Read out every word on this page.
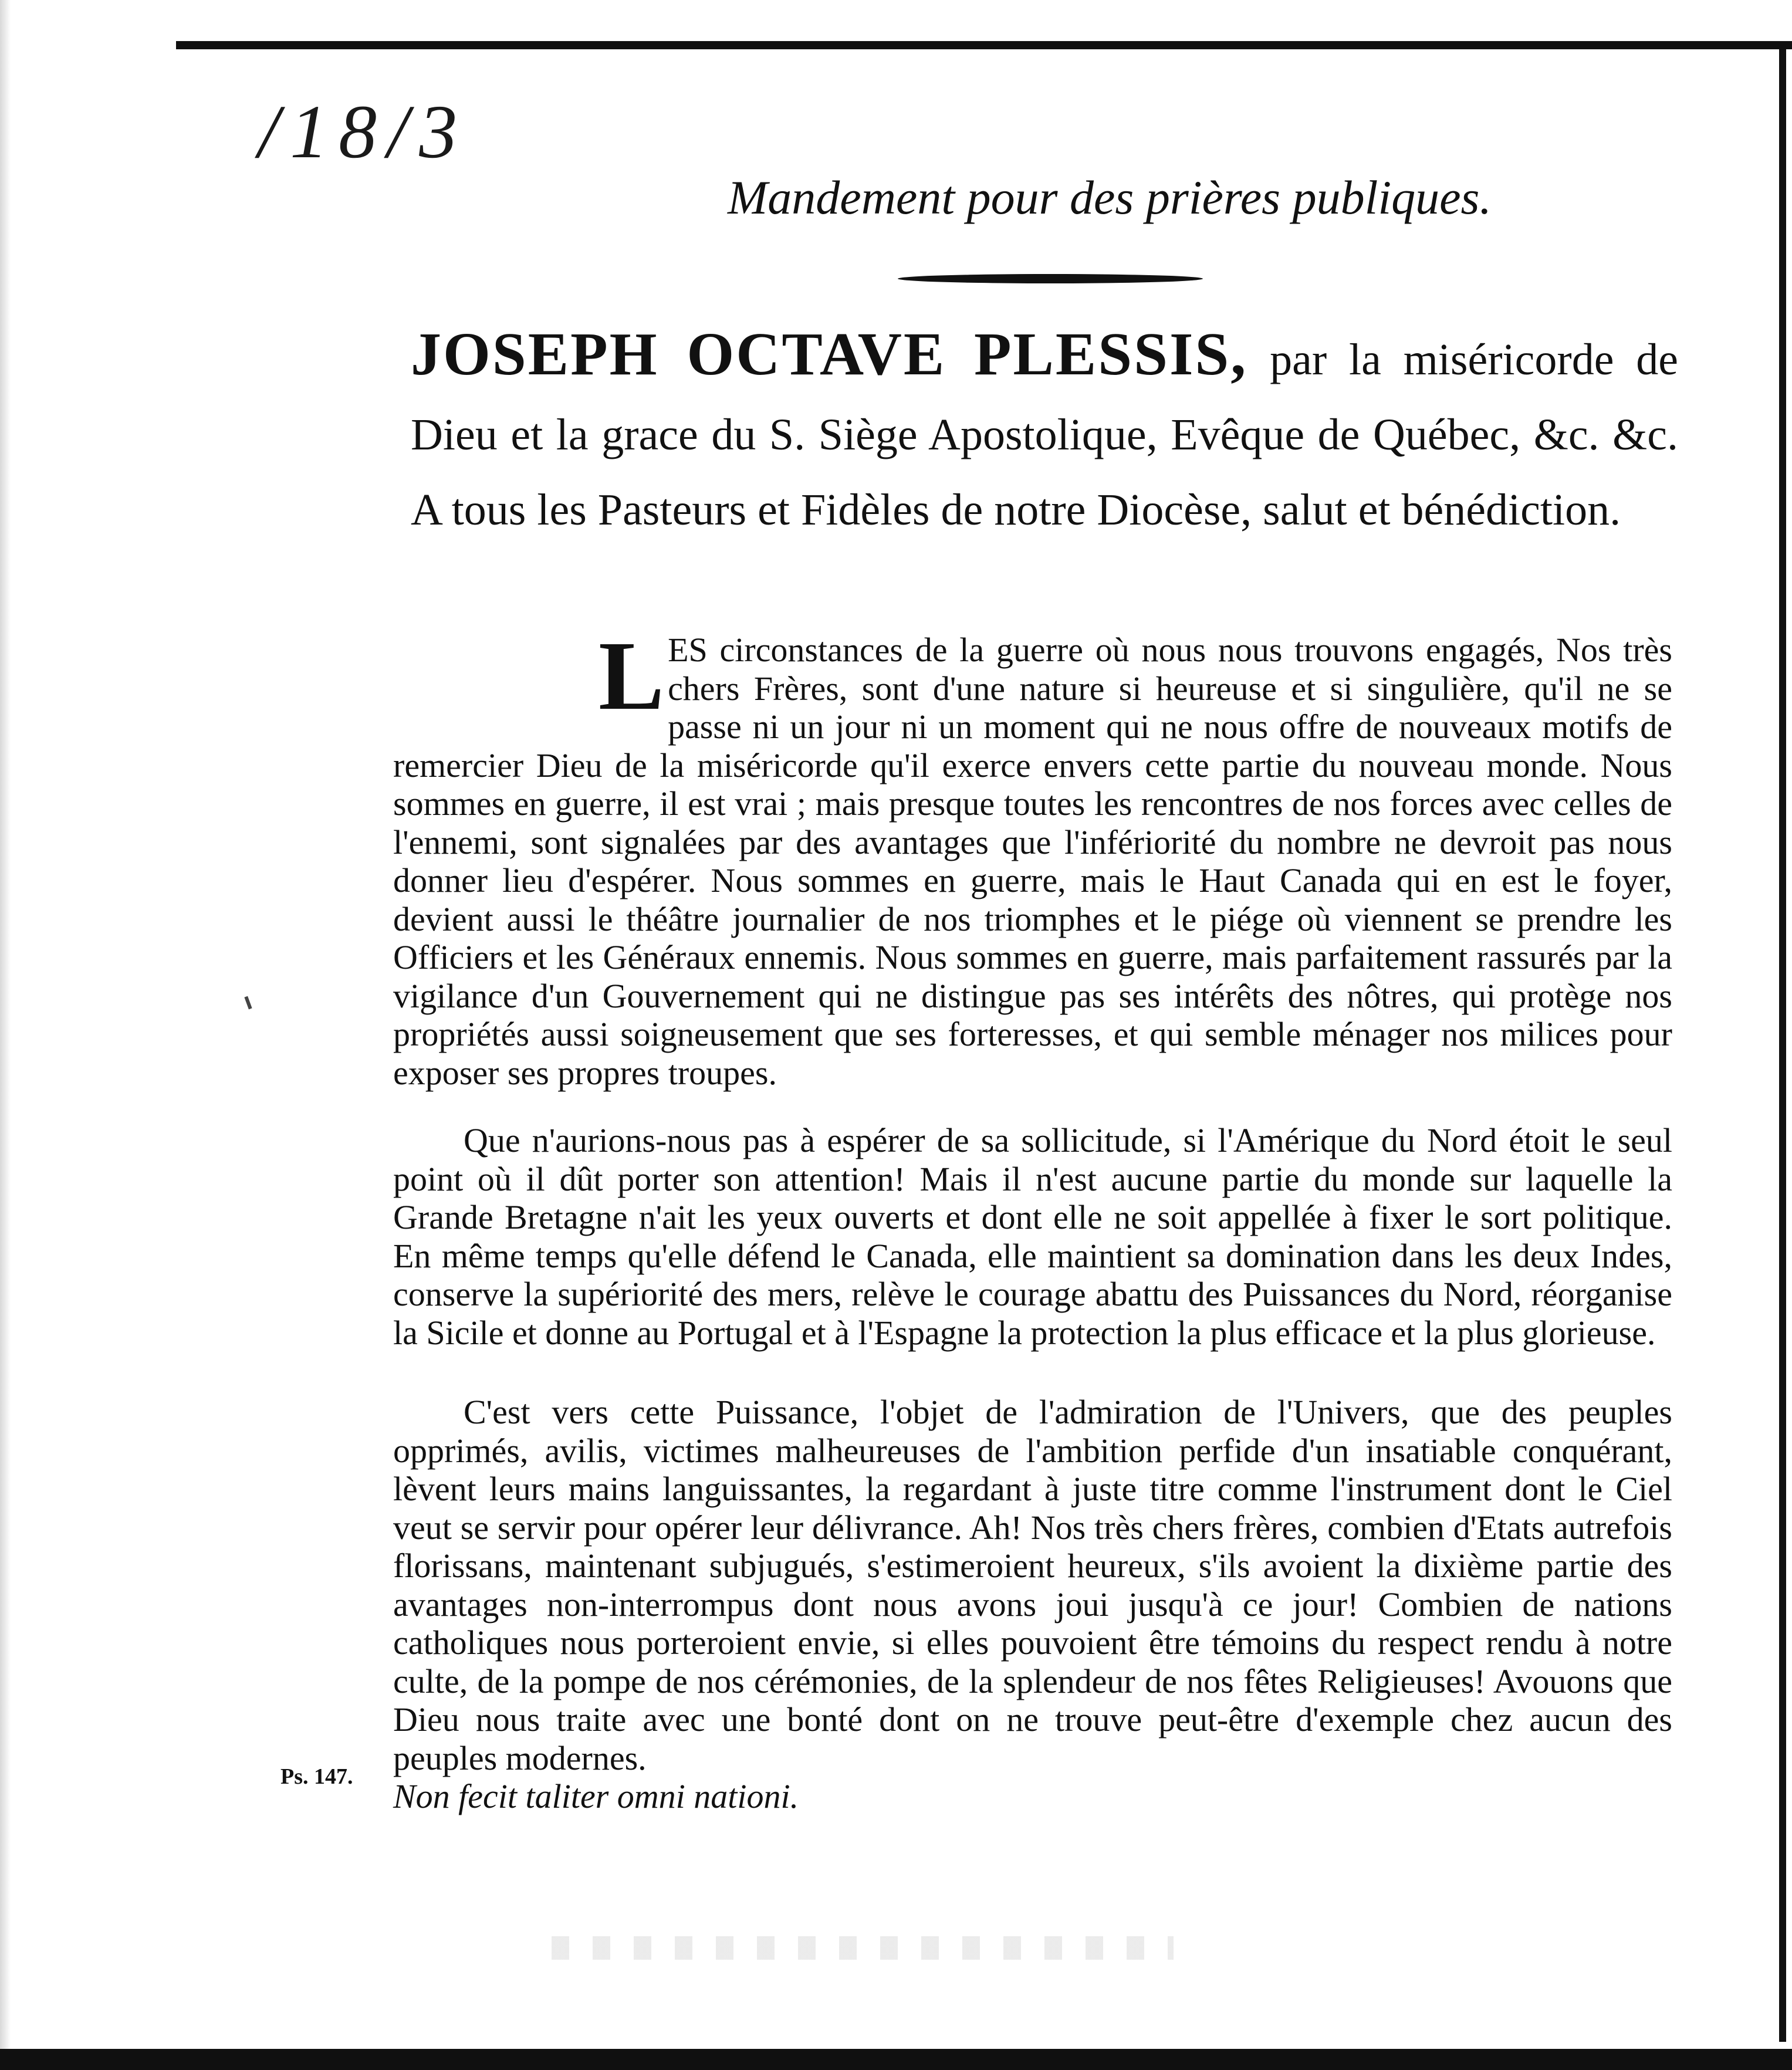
/18/3
Mandement pour des prières publiques.
JOSEPH OCTAVE PLESSIS, par la miséricorde de Dieu et la grace du S. Siège Apostolique, Evêque de Québec, &c. &c. A tous les Pasteurs et Fidèles de notre Diocèse, salut et bénédiction.

LES circonstances de la guerre où nous nous trouvons engagés, Nos très chers Frères, sont d'une nature si heureuse et si singulière, qu'il ne se passe ni un jour ni un moment qui ne nous offre de nouveaux motifs de remercier Dieu de la miséricorde qu'il exerce envers cette partie du nouveau monde. Nous sommes en guerre, il est vrai ; mais presque toutes les rencontres de nos forces avec celles de l'ennemi, sont signalées par des avantages que l'infériorité du nombre ne devroit pas nous donner lieu d'espérer. Nous sommes en guerre, mais le Haut Canada qui en est le foyer, devient aussi le théâtre journalier de nos triomphes et le piége où viennent se prendre les Officiers et les Généraux ennemis. Nous sommes en guerre, mais parfaitement rassurés par la vigilance d'un Gouvernement qui ne distingue pas ses intérêts des nôtres, qui protège nos propriétés aussi soigneusement que ses forteresses, et qui semble ménager nos milices pour exposer ses propres troupes.

Que n'aurions-nous pas à espérer de sa sollicitude, si l'Amérique du Nord étoit le seul point où il dût porter son attention! Mais il n'est aucune partie du monde sur laquelle la Grande Bretagne n'ait les yeux ouverts et dont elle ne soit appellée à fixer le sort politique. En même temps qu'elle défend le Canada, elle maintient sa domination dans les deux Indes, conserve la supériorité des mers, relève le courage abattu des Puissances du Nord, réorganise la Sicile et donne au Portugal et à l'Espagne la protection la plus efficace et la plus glorieuse.

C'est vers cette Puissance, l'objet de l'admiration de l'Univers, que des peuples opprimés, avilis, victimes malheureuses de l'ambition perfide d'un insatiable conquérant, lèvent leurs mains languissantes, la regardant à juste titre comme l'instrument dont le Ciel veut se servir pour opérer leur délivrance. Ah! Nos très chers frères, combien d'Etats autrefois florissans, maintenant subjugués, s'estimeroient heureux, s'ils avoient la dixième partie des avantages non-interrompus dont nous avons joui jusqu'à ce jour! Combien de nations catholiques nous porteroient envie, si elles pouvoient être témoins du respect rendu à notre culte, de la pompe de nos cérémonies, de la splendeur de nos fêtes Religieuses! Avouons que Dieu nous traite avec une bonté dont on ne trouve peut-être d'exemple chez aucun des peuples modernes.
Non fecit taliter omni nationi.

Ps. 147.
